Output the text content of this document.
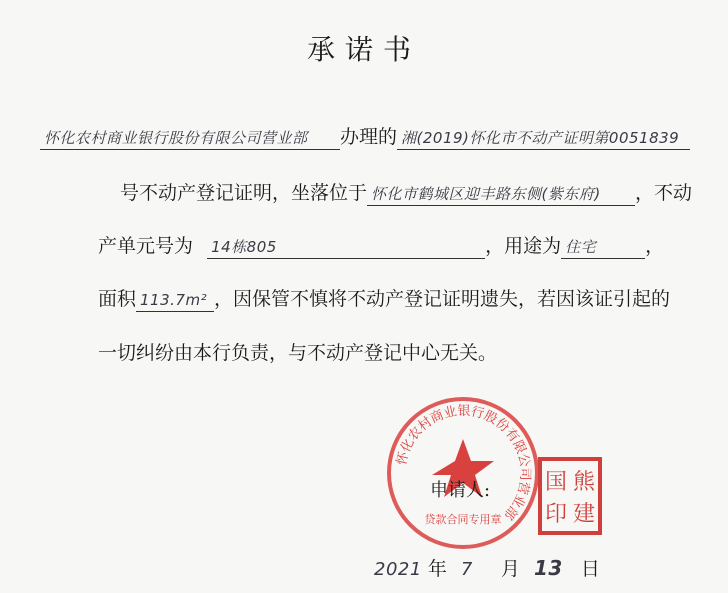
承诺书
怀化农村商业银行股份有限公司营业部 办理的 湘(2019)怀化市不动产证明第0051839
号不动产登记证明，坐落位于 怀化市鹤城区迎丰路东侧(紫东府) ，不动
产单元号为 14栋805	，用途为 住宅	，
面积 113.7m² ，因保管不慎将不动产登记证明遗失，若因该证引起的
一切纠纷由本行负责，与不动产登记中心无关。
怀化农村商业银行股份有限公司营业部
贷款合同专用章
申请人:	熊
建
国
印
2021 年 7 月 13 日
